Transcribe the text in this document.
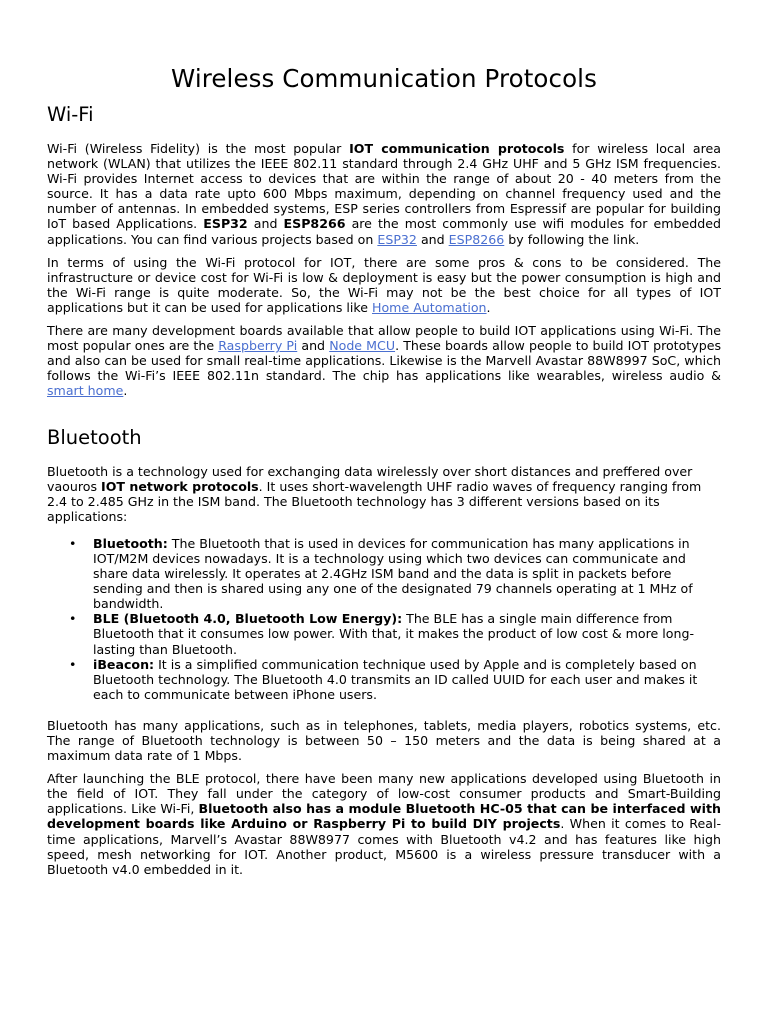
Wireless Communication Protocols
Wi-Fi

Wi-Fi (Wireless Fidelity) is the most popular IOT communication protocols for wireless local area network (WLAN) that utilizes the IEEE 802.11 standard through 2.4 GHz UHF and 5 GHz ISM frequencies. Wi-Fi provides Internet access to devices that are within the range of about 20 - 40 meters from the source. It has a data rate upto 600 Mbps maximum, depending on channel frequency used and the number of antennas. In embedded systems, ESP series controllers from Espressif are popular for building IoT based Applications. ESP32 and ESP8266 are the most commonly use wifi modules for embedded applications. You can find various projects based on ESP32 and ESP8266 by following the link.

In terms of using the Wi-Fi protocol for IOT, there are some pros & cons to be considered. The infrastructure or device cost for Wi-Fi is low & deployment is easy but the power consumption is high and the Wi-Fi range is quite moderate. So, the Wi-Fi may not be the best choice for all types of IOT applications but it can be used for applications like Home Automation.

There are many development boards available that allow people to build IOT applications using Wi-Fi. The most popular ones are the Raspberry Pi and Node MCU. These boards allow people to build IOT prototypes and also can be used for small real-time applications. Likewise is the Marvell Avastar 88W8997 SoC, which follows the Wi-Fi’s IEEE 802.11n standard. The chip has applications like wearables, wireless audio & smart home.

Bluetooth

Bluetooth is a technology used for exchanging data wirelessly over short distances and preffered over vaouros IOT network protocols. It uses short-wavelength UHF radio waves of frequency ranging from 2.4 to 2.485 GHz in the ISM band. The Bluetooth technology has 3 different versions based on its applications:

•	Bluetooth: The Bluetooth that is used in devices for communication has many applications in IOT/M2M devices nowadays. It is a technology using which two devices can communicate and share data wirelessly. It operates at 2.4GHz ISM band and the data is split in packets before sending and then is shared using any one of the designated 79 channels operating at 1 MHz of bandwidth.
•	BLE (Bluetooth 4.0, Bluetooth Low Energy): The BLE has a single main difference from Bluetooth that it consumes low power. With that, it makes the product of low cost & more long-lasting than Bluetooth.
•	iBeacon: It is a simplified communication technique used by Apple and is completely based on Bluetooth technology. The Bluetooth 4.0 transmits an ID called UUID for each user and makes it each to communicate between iPhone users.

Bluetooth has many applications, such as in telephones, tablets, media players, robotics systems, etc. The range of Bluetooth technology is between 50 – 150 meters and the data is being shared at a maximum data rate of 1 Mbps.

After launching the BLE protocol, there have been many new applications developed using Bluetooth in the field of IOT. They fall under the category of low-cost consumer products and Smart-Building applications. Like Wi-Fi, Bluetooth also has a module Bluetooth HC-05 that can be interfaced with development boards like Arduino or Raspberry Pi to build DIY projects. When it comes to Real-time applications, Marvell’s Avastar 88W8977 comes with Bluetooth v4.2 and has features like high speed, mesh networking for IOT. Another product, M5600 is a wireless pressure transducer with a Bluetooth v4.0 embedded in it.
